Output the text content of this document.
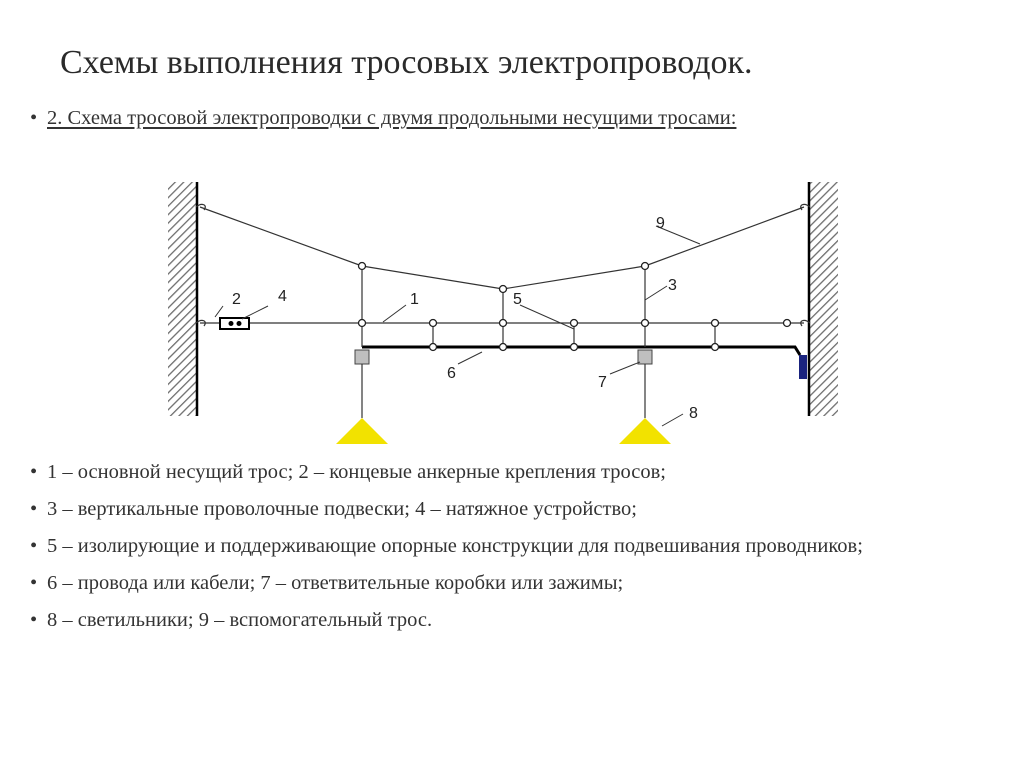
Схемы выполнения тросовых электропроводок.
• 2. Схема тросовой электропроводки с двумя продольными несущими тросами:
1
2
3
4	5
6
7
8
9
• 1 – основной несущий трос; 2 – концевые анкерные крепления тросов;
• 3 – вертикальные проволочные подвески; 4 – натяжное устройство;
• 5 – изолирующие и поддерживающие опорные конструкции для подвешивания проводников;
• 6 – провода или кабели; 7 – ответвительные коробки или зажимы;
• 8 – светильники; 9 – вспомогательный трос.
